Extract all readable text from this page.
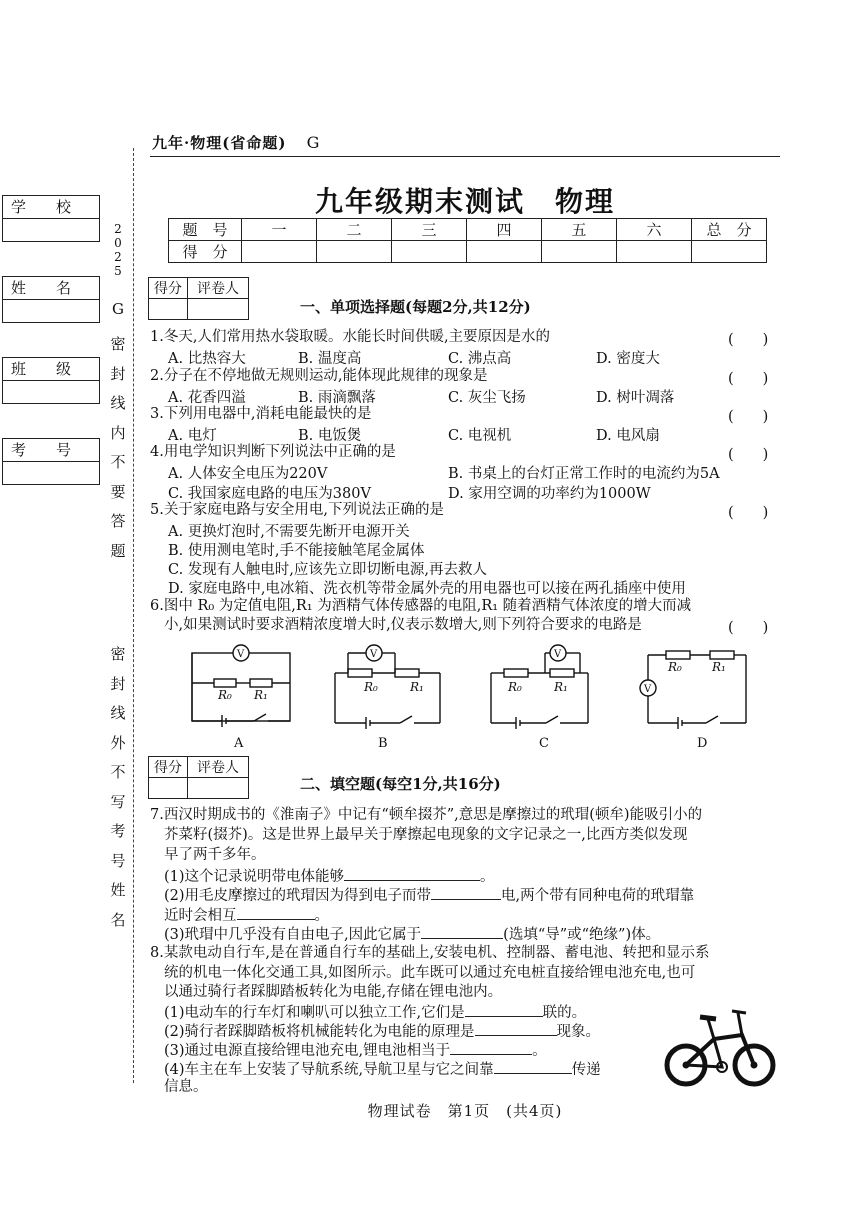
学　　校
姓　　名
班　　级
考　　号
2
0
2
5
G
密
封
线
内
不
要
答
题
密
封
线
外
不
写
考
号
姓
名
九年·物理(省命题) G
九年级期末测试　物理
题　号	一	二	三	四	五	六	总　分
得　分							
得分	评卷人

一、单项选择题(每题2分,共12分)
1.冬天,人们常用热水袋取暖。水能长时间供暖,主要原因是水的	(　　)
A. 比热容大	B. 温度高	C. 沸点高	D. 密度大
2.分子在不停地做无规则运动,能体现此规律的现象是	(　　)
A. 花香四溢	B. 雨滴飘落	C. 灰尘飞扬	D. 树叶凋落
3.下列用电器中,消耗电能最快的是	(　　)
A. 电灯	B. 电饭煲	C. 电视机	D. 电风扇
4.用电学知识判断下列说法中正确的是	(　　)
A. 人体安全电压为220V	B. 书桌上的台灯正常工作时的电流约为5A
C. 我国家庭电路的电压为380V	D. 家用空调的功率约为1000W
5.关于家庭电路与安全用电,下列说法正确的是	(　　)
A. 更换灯泡时,不需要先断开电源开关
B. 使用测电笔时,手不能接触笔尾金属体
C. 发现有人触电时,应该先立即切断电源,再去救人
D. 家庭电路中,电冰箱、洗衣机等带金属外壳的用电器也可以接在两孔插座中使用
6.图中 R₀ 为定值电阻,R₁ 为酒精气体传感器的电阻,R₁ 随着酒精气体浓度的增大而减
小,如果测试时要求酒精浓度增大时,仪表示数增大,则下列符合要求的电路是	(　　)
V
R₀ R₁
V
R₀	R₁
V
R₀	R₁	V
R₀	R₁
A	B	C	D
得分	评卷人

二、填空题(每空1分,共16分)
7.西汉时期成书的《淮南子》中记有“顿牟掇芥”,意思是摩擦过的玳瑁(顿牟)能吸引小的
芥菜籽(掇芥)。这是世界上最早关于摩擦起电现象的文字记录之一,比西方类似发现
早了两千多年。
(1)这个记录说明带电体能够	。
(2)用毛皮摩擦过的玳瑁因为得到电子而带	电,两个带有同种电荷的玳瑁靠
近时会相互	。
(3)玳瑁中几乎没有自由电子,因此它属于	(选填“导”或“绝缘”)体。
8.某款电动自行车,是在普通自行车的基础上,安装电机、控制器、蓄电池、转把和显示系
统的机电一体化交通工具,如图所示。此车既可以通过充电桩直接给锂电池充电,也可
以通过骑行者踩脚踏板转化为电能,存储在锂电池内。
(1)电动车的行车灯和喇叭可以独立工作,它们是	联的。
(2)骑行者踩脚踏板将机械能转化为电能的原理是	现象。
(3)通过电源直接给锂电池充电,锂电池相当于	。
(4)车主在车上安装了导航系统,导航卫星与它之间靠	传递
信息。
物理试卷　第1页　(共4页)
